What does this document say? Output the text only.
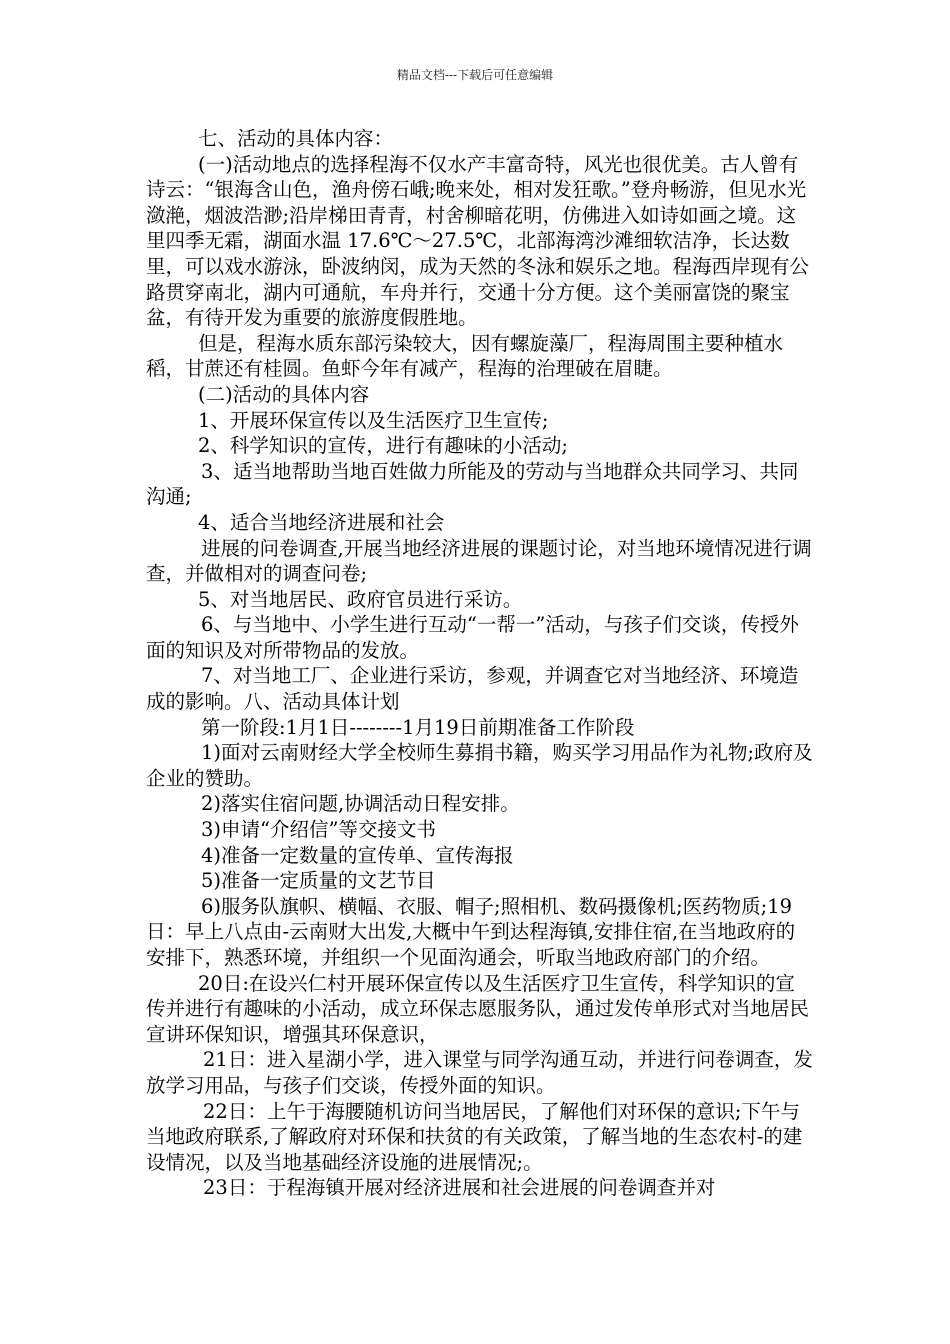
精品文档---下载后可任意编辑

七、活动的具体内容：

(一)活动地点的选择程海不仅水产丰富奇特，风光也很优美。古人曾有诗云：“银海含山色，渔舟傍石峨;晚来处，相对发狂歌。”登舟畅游，但见水光潋滟，烟波浩渺;沿岸梯田青青，村舍柳暗花明，仿佛进入如诗如画之境。这里四季无霜，湖面水温 17.6℃～27.5℃，北部海湾沙滩细软洁净，长达数里，可以戏水游泳，卧波纳闵，成为天然的冬泳和娱乐之地。程海西岸现有公路贯穿南北，湖内可通航，车舟并行，交通十分方便。这个美丽富饶的聚宝盆，有待开发为重要的旅游度假胜地。

但是，程海水质东部污染较大，因有螺旋藻厂，程海周围主要种植水稻，甘蔗还有桂圆。鱼虾今年有减产，程海的治理破在眉睫。

(二)活动的具体内容

1、开展环保宣传以及生活医疗卫生宣传;

2、科学知识的宣传，进行有趣味的小活动;

3、适当地帮助当地百姓做力所能及的劳动与当地群众共同学习、共同沟通;

4、适合当地经济进展和社会

进展的问卷调查,开展当地经济进展的课题讨论，对当地环境情况进行调查，并做相对的调查问卷;

5、对当地居民、政府官员进行采访。

6、与当地中、小学生进行互动“一帮一”活动，与孩子们交谈，传授外面的知识及对所带物品的发放。

7、对当地工厂、企业进行采访，参观，并调查它对当地经济、环境造成的影响。八、活动具体计划

第一阶段:1月1日--------1月19日前期准备工作阶段

1)面对云南财经大学全校师生募捐书籍，购买学习用品作为礼物;政府及企业的赞助。

2)落实住宿问题,协调活动日程安排。

3)申请“介绍信”等交接文书

4)准备一定数量的宣传单、宣传海报

5)准备一定质量的文艺节目

6)服务队旗帜、横幅、衣服、帽子;照相机、数码摄像机;医药物质;19日：早上八点由-云南财大出发,大概中午到达程海镇,安排住宿,在当地政府的安排下，熟悉环境，并组织一个见面沟通会，听取当地政府部门的介绍。

20日:在设兴仁村开展环保宣传以及生活医疗卫生宣传，科学知识的宣传并进行有趣味的小活动，成立环保志愿服务队，通过发传单形式对当地居民宣讲环保知识，增强其环保意识，

21日：进入星湖小学，进入课堂与同学沟通互动，并进行问卷调查，发放学习用品，与孩子们交谈，传授外面的知识。

22日：上午于海腰随机访问当地居民，了解他们对环保的意识;下午与当地政府联系,了解政府对环保和扶贫的有关政策，了解当地的生态农村-的建设情况，以及当地基础经济设施的进展情况;。

23日：于程海镇开展对经济进展和社会进展的问卷调查并对
